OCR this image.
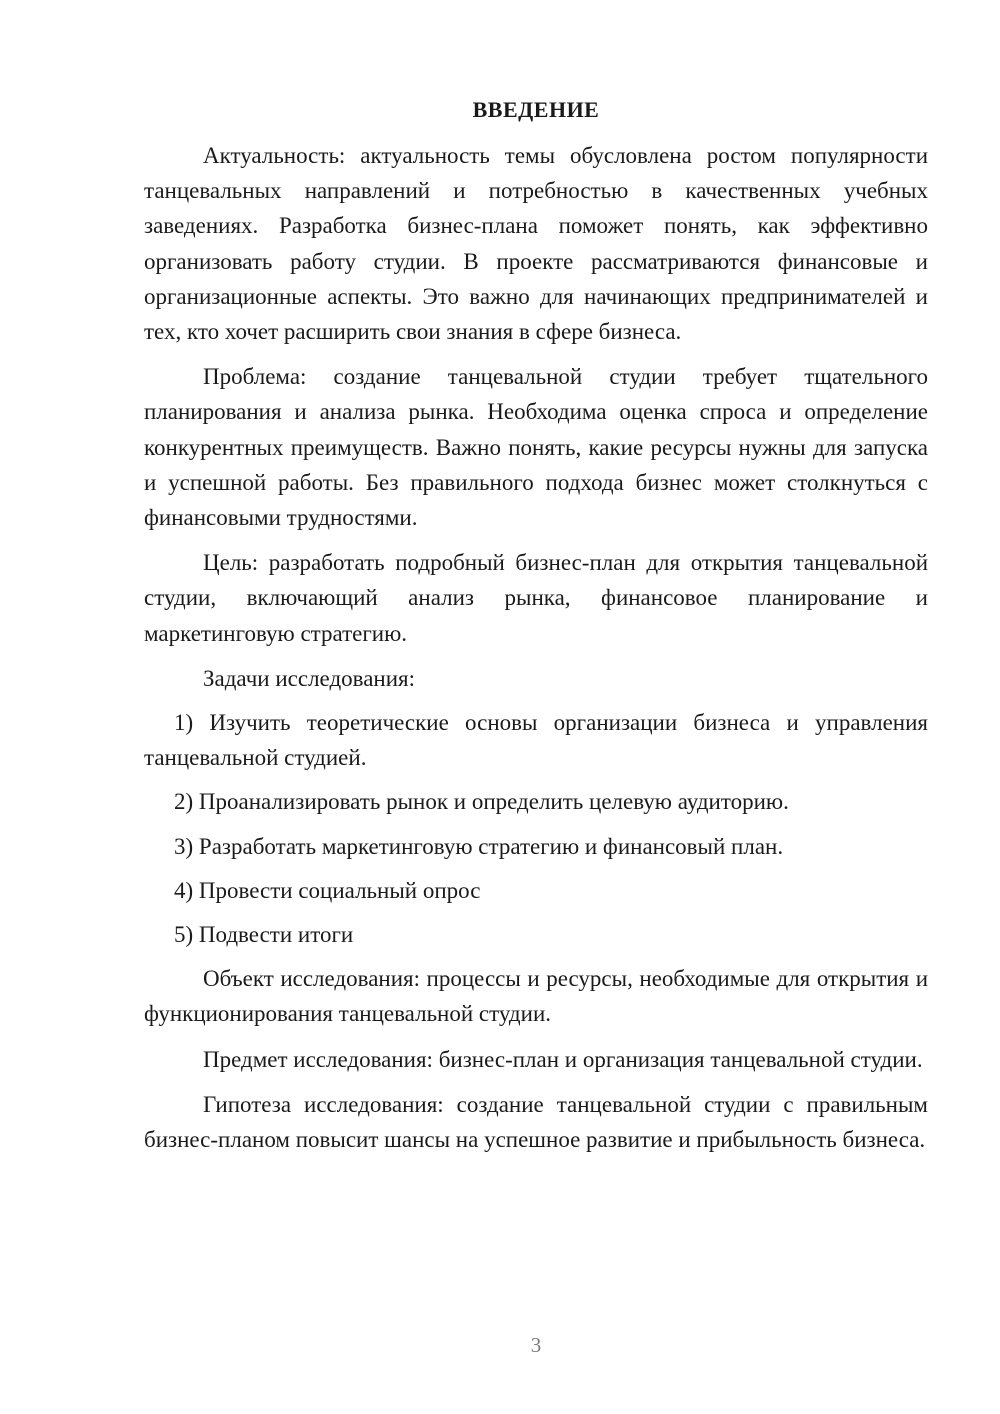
ВВЕДЕНИЕ

Актуальность: актуальность темы обусловлена ростом популярности танцевальных направлений и потребностью в качественных учебных заведениях. Разработка бизнес-плана поможет понять, как эффективно организовать работу студии. В проекте рассматриваются финансовые и организационные аспекты. Это важно для начинающих предпринимателей и тех, кто хочет расширить свои знания в сфере бизнеса.

Проблема: создание танцевальной студии требует тщательного планирования и анализа рынка. Необходима оценка спроса и определение конкурентных преимуществ. Важно понять, какие ресурсы нужны для запуска и успешной работы. Без правильного подхода бизнес может столкнуться с финансовыми трудностями.

Цель: разработать подробный бизнес-план для открытия танцевальной студии, включающий анализ рынка, финансовое планирование и маркетинговую стратегию.

Задачи исследования:

1) Изучить теоретические основы организации бизнеса и управления танцевальной студией.

2) Проанализировать рынок и определить целевую аудиторию.

3) Разработать маркетинговую стратегию и финансовый план.

4) Провести социальный опрос

5) Подвести итоги

Объект исследования: процессы и ресурсы, необходимые для открытия и функционирования танцевальной студии.

Предмет исследования: бизнес-план и организация танцевальной студии.

Гипотеза исследования: создание танцевальной студии с правильным бизнес-планом повысит шансы на успешное развитие и прибыльность бизнеса.

3
